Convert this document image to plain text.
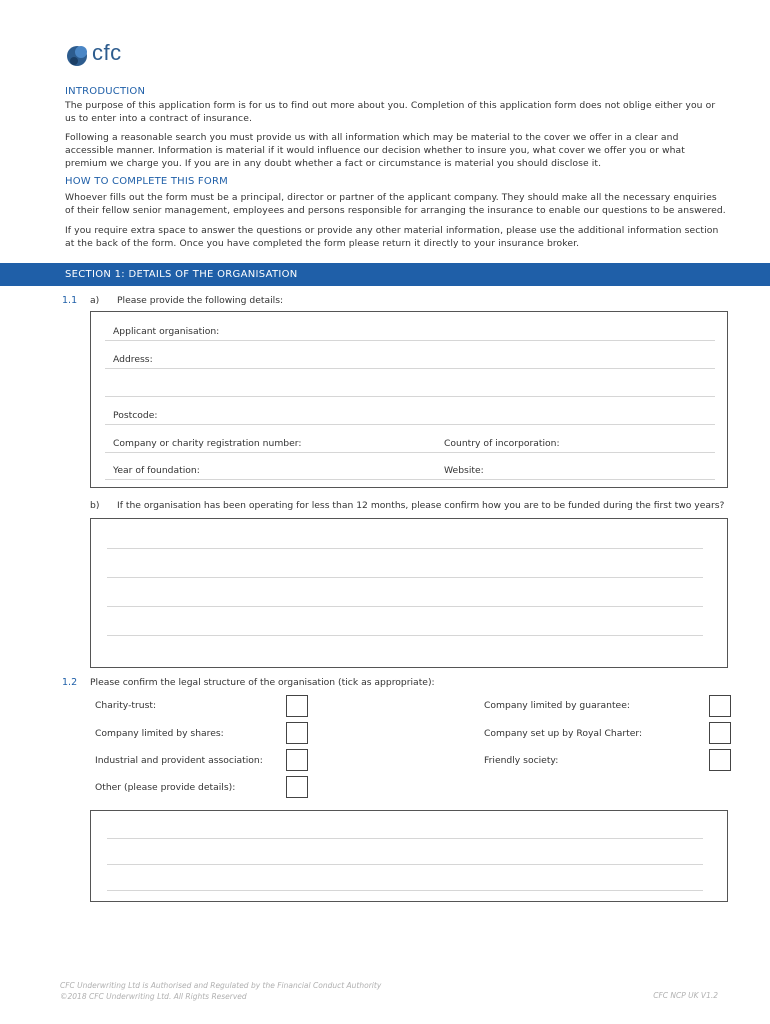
cfc
INTRODUCTION
The purpose of this application form is for us to find out more about you. Completion of this application form does not oblige either you or us to enter into a contract of insurance.
Following a reasonable search you must provide us with all information which may be material to the cover we offer in a clear and accessible manner. Information is material if it would influence our decision whether to insure you, what cover we offer you or what premium we charge you. If you are in any doubt whether a fact or circumstance is material you should disclose it.
HOW TO COMPLETE THIS FORM
Whoever fills out the form must be a principal, director or partner of the applicant company. They should make all the necessary enquiries of their fellow senior management, employees and persons responsible for arranging the insurance to enable our questions to be answered.
If you require extra space to answer the questions or provide any other material information, please use the additional information section at the back of the form. Once you have completed the form please return it directly to your insurance broker.
SECTION 1: DETAILS OF THE ORGANISATION
1.1 a) Please provide the following details:
Applicant organisation:
Address:
Postcode:
Company or charity registration number:	Country of incorporation:
Year of foundation:	Website:
b) If the organisation has been operating for less than 12 months, please confirm how you are to be funded during the first two years?
1.2 Please confirm the legal structure of the organisation (tick as appropriate):
Charity-trust:
Company limited by shares:
Industrial and provident association:
Other (please provide details):
Company limited by guarantee:
Company set up by Royal Charter:
Friendly society:
CFC Underwriting Ltd is Authorised and Regulated by the Financial Conduct Authority
©2018 CFC Underwriting Ltd. All Rights Reserved	CFC NCP UK V1.2
